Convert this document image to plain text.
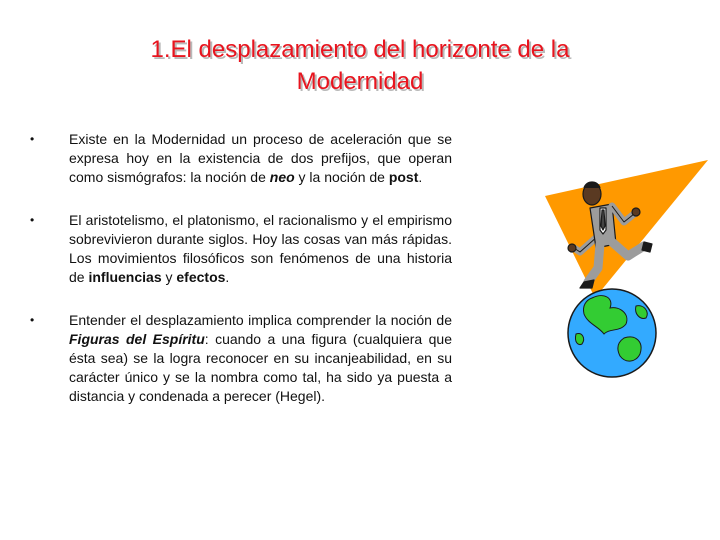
1.El desplazamiento del horizonte de la
Modernidad
• Existe en la Modernidad un proceso de aceleración que se expresa hoy en la existencia de dos prefijos, que operan como sismógrafos: la noción de neo y la noción de post.
• El aristotelismo, el platonismo, el racionalismo y el empirismo sobrevivieron durante siglos. Hoy las cosas van más rápidas. Los movimientos filosóficos son fenómenos de una historia de influencias y efectos.
• Entender el desplazamiento implica comprender la noción de Figuras del Espíritu: cuando a una figura (cualquiera que ésta sea) se la logra reconocer en su incanjeabilidad, en su carácter único y se la nombra como tal, ha sido ya puesta a distancia y condenada a perecer (Hegel).
